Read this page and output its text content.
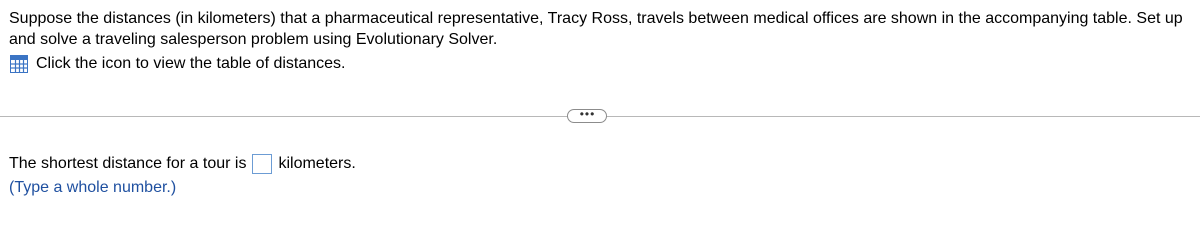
Suppose the distances (in kilometers) that a pharmaceutical representative, Tracy Ross, travels between medical offices are shown in the accompanying table. Set up and solve a traveling salesperson problem using Evolutionary Solver.

Click the icon to view the table of distances.
•••
The shortest distance for a tour is kilometers.
(Type a whole number.)
